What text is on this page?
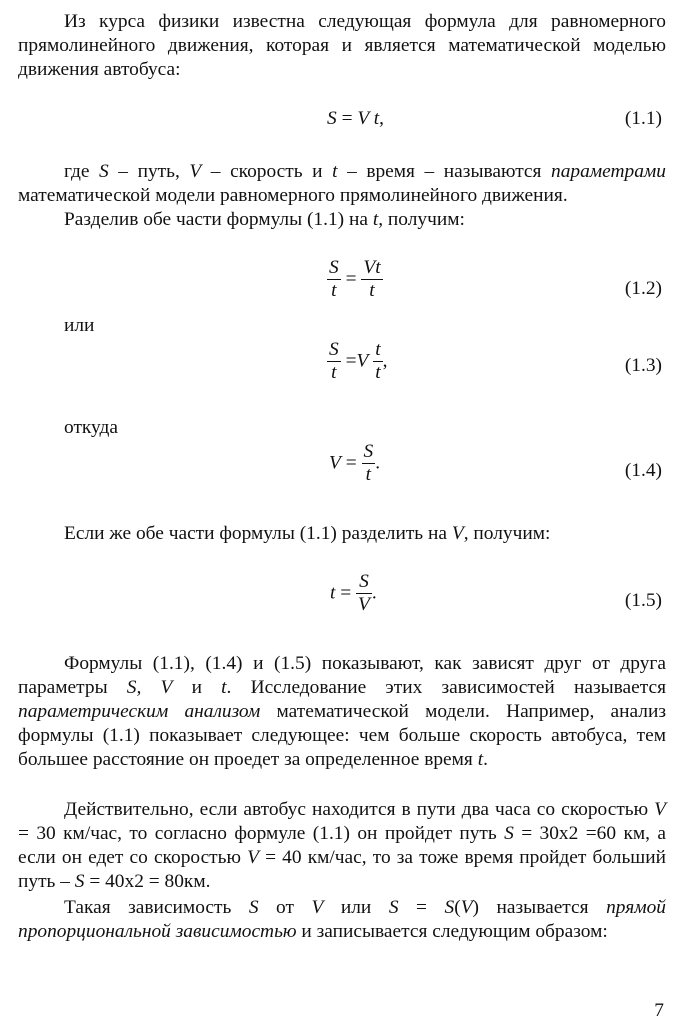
Из курса физики известна следующая формула для равномерного прямолинейного движения, которая и является математической моделью движения автобуса:

S = V t,	(1.1)

где S – путь, V – скорость и t – время – называются параметрами математической модели равномерного прямолинейного движения.

Разделив обе части формулы (1.1) на t, получим:

$\frac{S}{t} = \frac{Vt}{t}$	(1.2)
или
$\frac{S}{t} =V \frac{t}{t}$ ,	(1.3)
откуда
$V = \frac{S}{t}$ .	(1.4)

Если же обе части формулы (1.1) разделить на V, получим:

$t = \frac{S}{V}$ .	(1.5)

Формулы (1.1), (1.4) и (1.5) показывают, как зависят друг от друга параметры S, V и t. Исследование этих зависимостей называется параметрическим анализом математической модели. Например, анализ формулы (1.1) показывает следующее: чем больше скорость автобуса, тем большее расстояние он проедет за определенное время t.

Действительно, если автобус находится в пути два часа со скоростью V = 30 км/час, то согласно формуле (1.1) он пройдет путь S = 30х2 =60 км, а если он едет со скоростью V = 40 км/час, то за тоже время пройдет больший путь – S = 40х2 = 80км.

Такая зависимость S от V или S = S(V) называется прямой пропорциональной зависимостью и записывается следующим образом:

7
